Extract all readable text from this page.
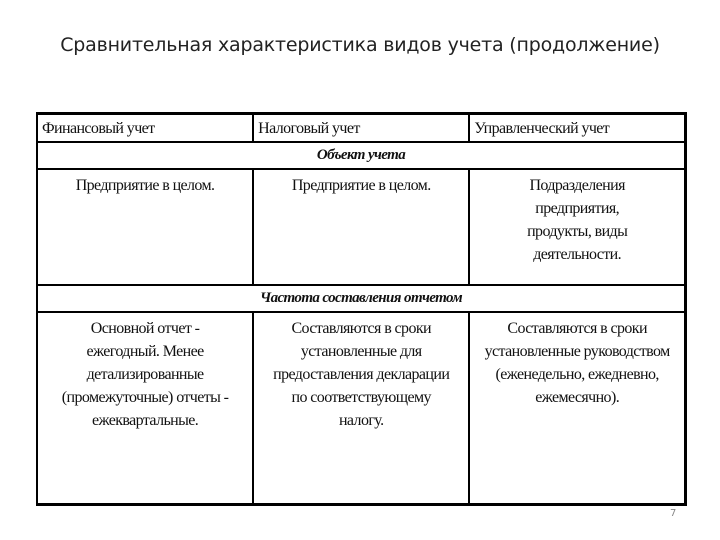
Сравнительная характеристика видов учета (продолжение)
Финансовый учет	Налоговый учет	Управленческий учет
Объект учета		
Предприятие в целом.	Предприятие в целом.	Подразделения предприятия, продукты, виды деятельности.
Частота составления отчетом		
Основной отчет - ежегодный. Менее детализированные (промежуточные) отчеты - ежеквартальные.	Составляются в сроки установленные для предоставления декларации по соответствующему налогу.	Составляются в сроки установленные руководством (еженедельно, ежедневно, ежемесячно).
7
